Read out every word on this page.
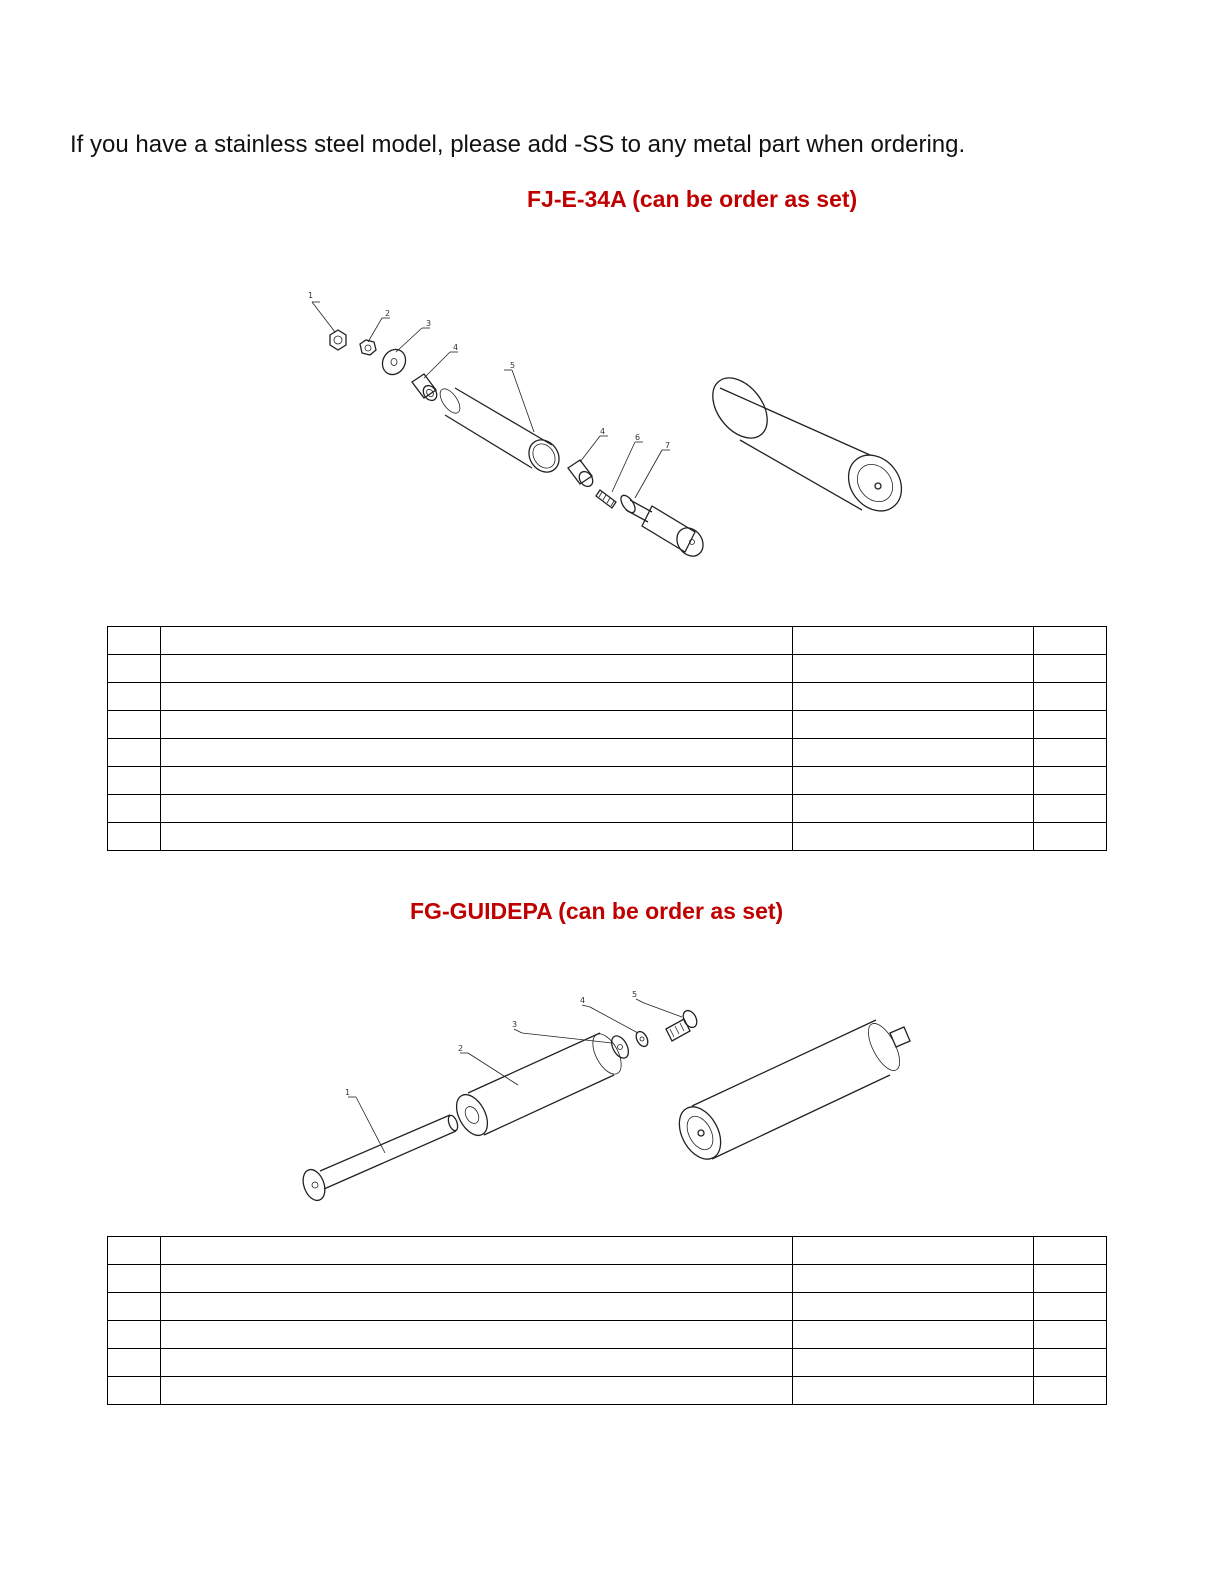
If you have a stainless steel model, please add -SS to any metal part when ordering.

FJ-E-34A (can be order as set)
1
2
3
4
5
4
6
7

FG-GUIDEPA (can be order as set)
1
2
3
4
5
